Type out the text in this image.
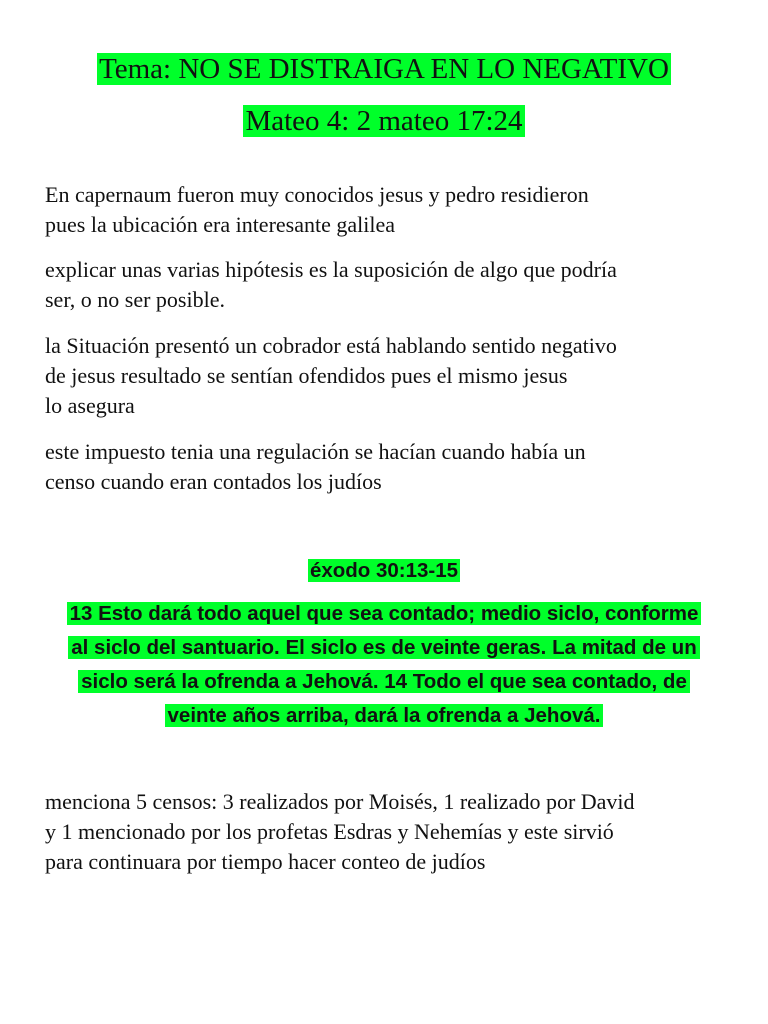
Tema: NO SE DISTRAIGA EN LO NEGATIVO
Mateo 4: 2 mateo 17:24

En capernaum fueron muy conocidos jesus y pedro residieron
pues la ubicación era interesante galilea

explicar unas varias hipótesis es la suposición de algo que podría
ser, o no ser posible.

la Situación presentó un cobrador está hablando sentido negativo
de jesus resultado se sentían ofendidos pues el mismo jesus
lo asegura

este impuesto tenia una regulación se hacían cuando había un
censo cuando eran contados los judíos

éxodo 30:13-15
13 Esto dará todo aquel que sea contado; medio siclo, conforme
al siclo del santuario. El siclo es de veinte geras. La mitad de un
siclo será la ofrenda a Jehová. 14 Todo el que sea contado, de
veinte años arriba, dará la ofrenda a Jehová.

menciona 5 censos: 3 realizados por Moisés, 1 realizado por David
y 1 mencionado por los profetas Esdras y Nehemías y este sirvió
para continuara por tiempo hacer conteo de judíos
